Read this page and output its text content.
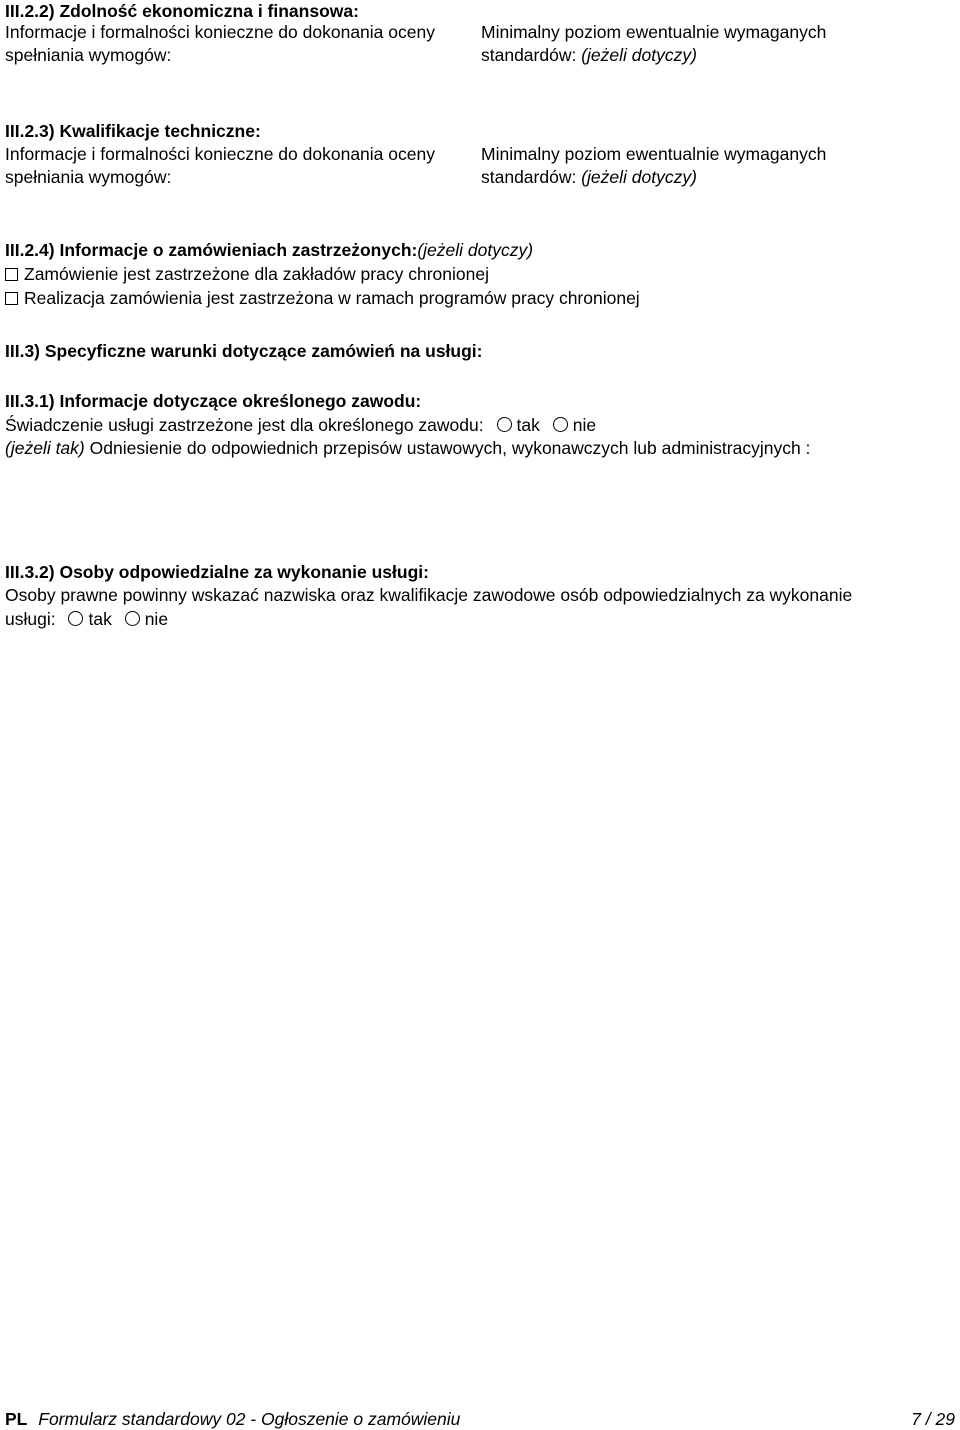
III.2.2) Zdolność ekonomiczna i finansowa:
Informacje i formalności konieczne do dokonania oceny
spełniania wymogów:
Minimalny poziom ewentualnie wymaganych
standardów: (jeżeli dotyczy)
III.2.3) Kwalifikacje techniczne:
Informacje i formalności konieczne do dokonania oceny
spełniania wymogów:
Minimalny poziom ewentualnie wymaganych
standardów: (jeżeli dotyczy)
III.2.4) Informacje o zamówieniach zastrzeżonych:(jeżeli dotyczy)
Zamówienie jest zastrzeżone dla zakładów pracy chronionej
Realizacja zamówienia jest zastrzeżona w ramach programów pracy chronionej
III.3) Specyficzne warunki dotyczące zamówień na usługi:
III.3.1) Informacje dotyczące określonego zawodu:
Świadczenie usługi zastrzeżone jest dla określonego zawodu: tak nie
(jeżeli tak) Odniesienie do odpowiednich przepisów ustawowych, wykonawczych lub administracyjnych :
III.3.2) Osoby odpowiedzialne za wykonanie usługi:
Osoby prawne powinny wskazać nazwiska oraz kwalifikacje zawodowe osób odpowiedzialnych za wykonanie
usługi: tak nie
PL Formularz standardowy 02 - Ogłoszenie o zamówieniu	7 / 29
